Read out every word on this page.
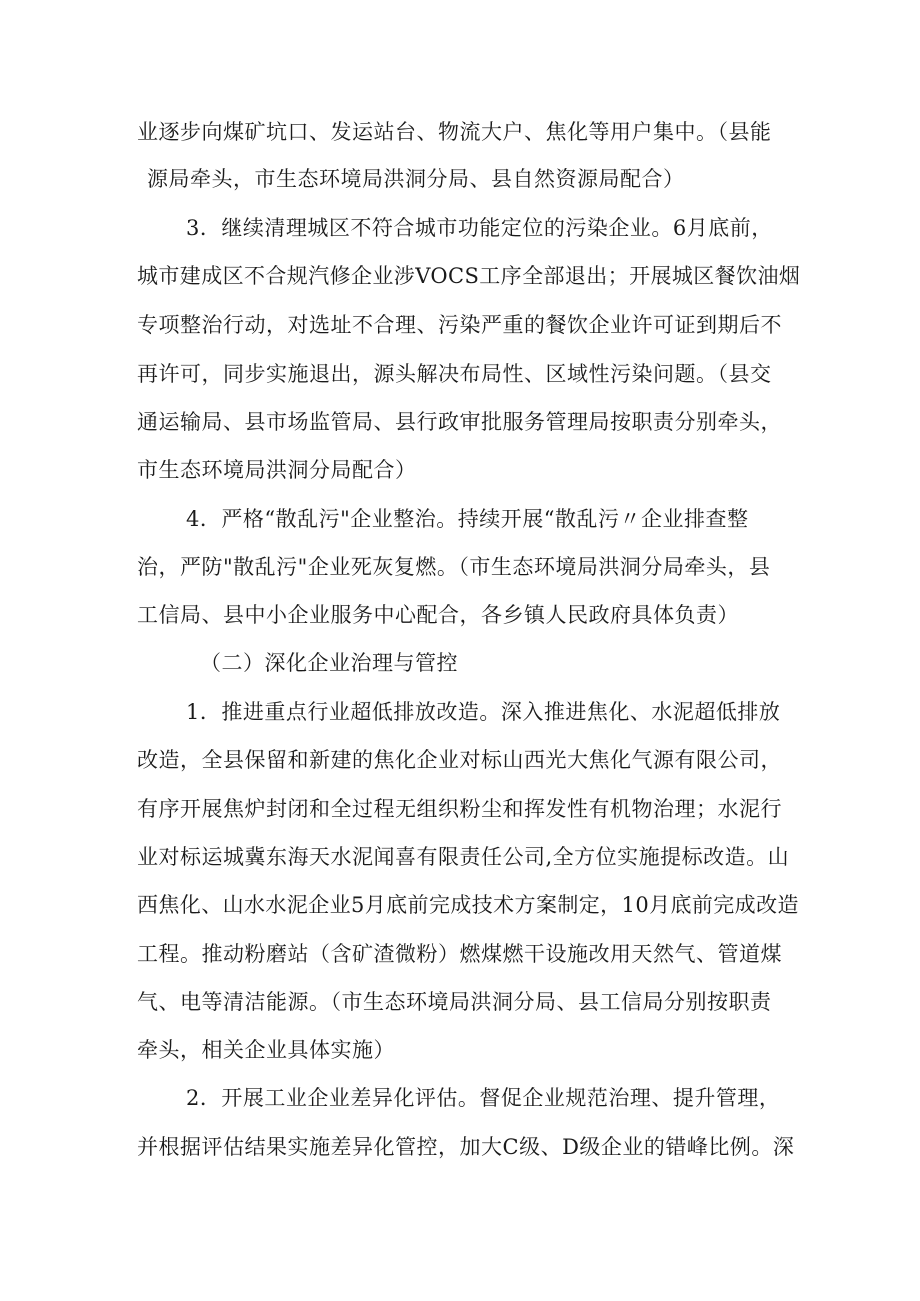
业逐步向煤矿坑口、发运站台、物流大户、焦化等用户集中。（县能
源局牵头，市生态环境局洪洞分局、县自然资源局配合）
3．继续清理城区不符合城市功能定位的污染企业。6月底前，
城市建成区不合规汽修企业涉VOCS工序全部退出；开展城区餐饮油烟
专项整治行动，对选址不合理、污染严重的餐饮企业许可证到期后不
再许可，同步实施退出，源头解决布局性、区域性污染问题。（县交
通运输局、县市场监管局、县行政审批服务管理局按职责分别牵头，
市生态环境局洪洞分局配合）
4．严格“散乱污"企业整治。持续开展“散乱污〃企业排查整
治，严防"散乱污"企业死灰复燃。（市生态环境局洪洞分局牵头，县
工信局、县中小企业服务中心配合，各乡镇人民政府具体负责）
（二）深化企业治理与管控
1．推进重点行业超低排放改造。深入推进焦化、水泥超低排放
改造，全县保留和新建的焦化企业对标山西光大焦化气源有限公司，
有序开展焦炉封闭和全过程无组织粉尘和挥发性有机物治理；水泥行
业对标运城冀东海天水泥闻喜有限责任公司,全方位实施提标改造。山
西焦化、山水水泥企业5月底前完成技术方案制定，10月底前完成改造
工程。推动粉磨站（含矿渣微粉）燃煤燃干设施改用天然气、管道煤
气、电等清洁能源。（市生态环境局洪洞分局、县工信局分别按职责
牵头，相关企业具体实施）
2．开展工业企业差异化评估。督促企业规范治理、提升管理，
并根据评估结果实施差异化管控，加大C级、D级企业的错峰比例。深
